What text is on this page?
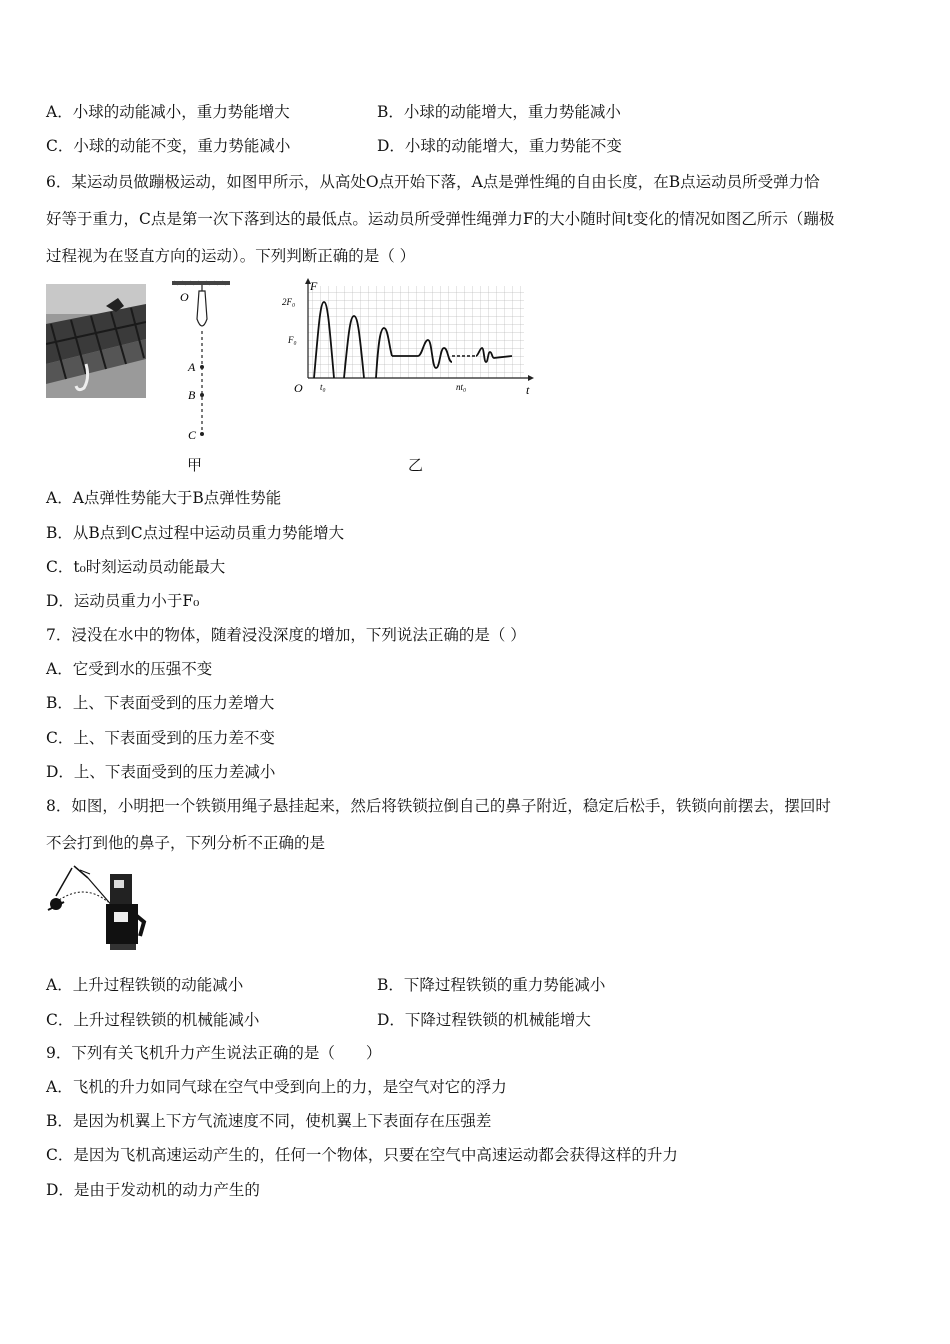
A．小球的动能减小，重力势能增大	B．小球的动能增大，重力势能减小
C．小球的动能不变，重力势能减小	D．小球的动能增大，重力势能不变
6．某运动员做蹦极运动，如图甲所示，从高处O点开始下落，A点是弹性绳的自由长度，在B点运动员所受弹力恰
好等于重力，C点是第一次下落到达的最低点。运动员所受弹性绳弹力F的大小随时间t变化的情况如图乙所示（蹦极
过程视为在竖直方向的运动）。下列判断正确的是（ ）
O
A
B
C
甲
F
t
O
2F₀
F₀
t₀	nt₀
乙
A．A点弹性势能大于B点弹性势能
B．从B点到C点过程中运动员重力势能增大
C．t₀时刻运动员动能最大
D．运动员重力小于F₀
7．浸没在水中的物体，随着浸没深度的增加，下列说法正确的是（ ）
A．它受到水的压强不变
B．上、下表面受到的压力差增大
C．上、下表面受到的压力差不变
D．上、下表面受到的压力差减小
8．如图，小明把一个铁锁用绳子悬挂起来，然后将铁锁拉倒自己的鼻子附近，稳定后松手，铁锁向前摆去，摆回时
不会打到他的鼻子，下列分析不正确的是
A．上升过程铁锁的动能减小	B．下降过程铁锁的重力势能减小
C．上升过程铁锁的机械能减小	D．下降过程铁锁的机械能增大
9．下列有关飞机升力产生说法正确的是（　　）
A．飞机的升力如同气球在空气中受到向上的力，是空气对它的浮力
B．是因为机翼上下方气流速度不同，使机翼上下表面存在压强差
C．是因为飞机高速运动产生的，任何一个物体，只要在空气中高速运动都会获得这样的升力
D．是由于发动机的动力产生的
